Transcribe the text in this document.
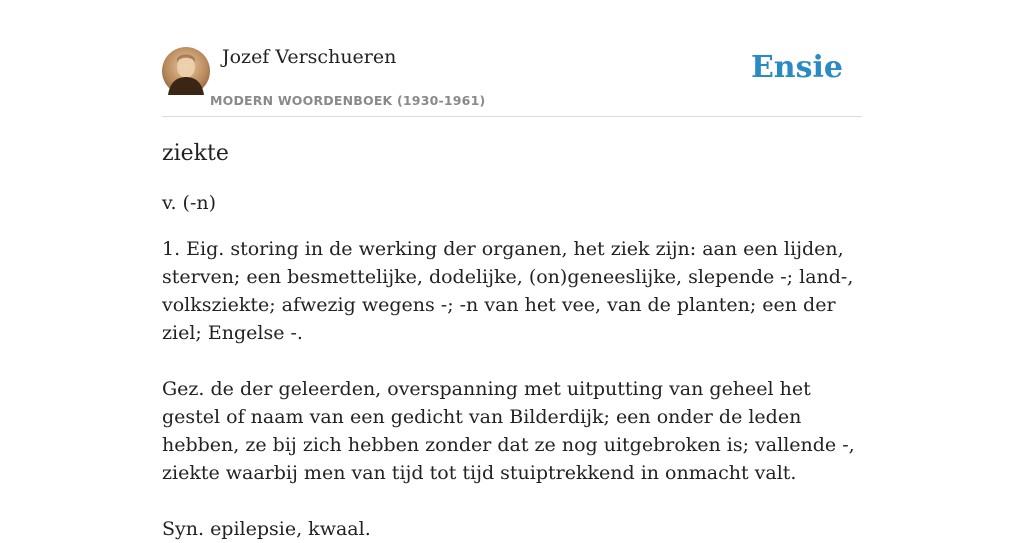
Jozef Verschueren
MODERN WOORDENBOEK (1930-1961)
Ensie
ziekte

v. (-n)

1. Eig. storing in de werking der organen, het ziek zijn: aan een lijden, sterven; een besmettelijke, dodelijke, (on)geneeslijke, slepende -; land-, volksziekte; afwezig wegens -; -n van het vee, van de planten; een der ziel; Engelse -.

Gez. de der geleerden, overspanning met uitputting van geheel het gestel of naam van een gedicht van Bilderdijk; een onder de leden hebben, ze bij zich hebben zonder dat ze nog uitgebroken is; vallende -, ziekte waarbij men van tijd tot tijd stuiptrekkend in onmacht valt.

Syn. epilepsie, kwaal.
